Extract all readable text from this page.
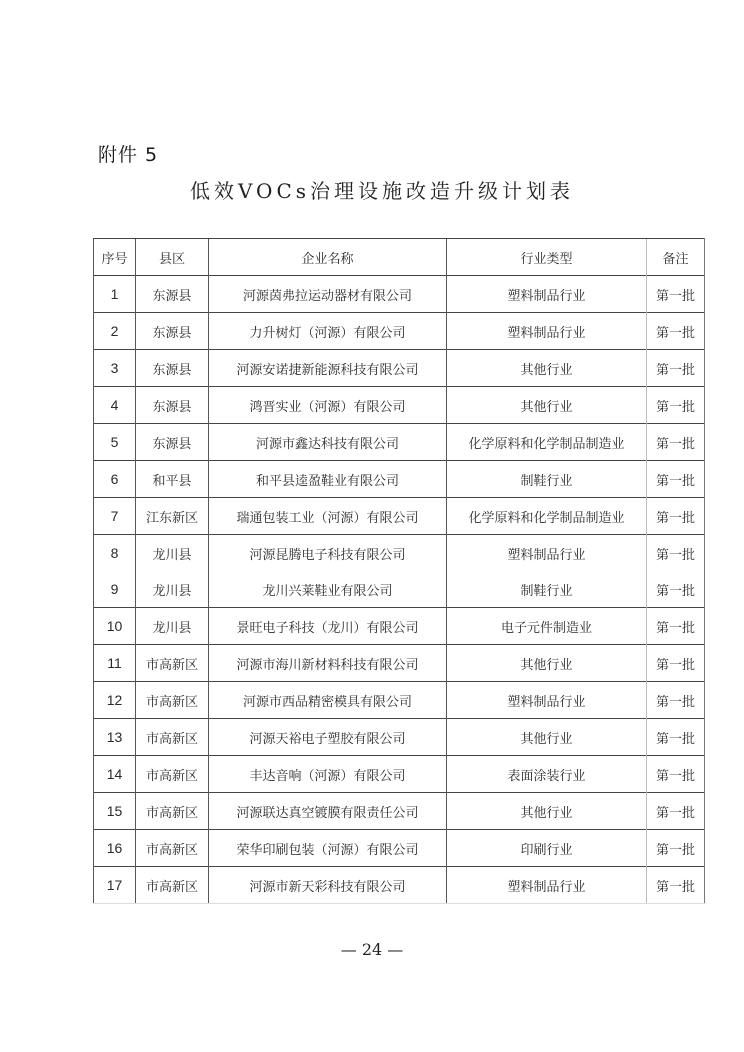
附件 5
低效VOCs治理设施改造升级计划表
序号	县区	企业名称	行业类型	备注
1	东源县	河源茵弗拉运动器材有限公司	塑料制品行业	第一批
2	东源县	力升树灯（河源）有限公司	塑料制品行业	第一批
3	东源县	河源安诺捷新能源科技有限公司	其他行业	第一批
4	东源县	鸿晋实业（河源）有限公司	其他行业	第一批
5	东源县	河源市鑫达科技有限公司	化学原料和化学制品制造业	第一批
6	和平县	和平县逵盈鞋业有限公司	制鞋行业	第一批
7	江东新区	瑞通包装工业（河源）有限公司	化学原料和化学制品制造业	第一批
8	龙川县	河源昆腾电子科技有限公司	塑料制品行业	第一批
9	龙川县	龙川兴莱鞋业有限公司	制鞋行业	第一批
10	龙川县	景旺电子科技（龙川）有限公司	电子元件制造业	第一批
11	市高新区	河源市海川新材料科技有限公司	其他行业	第一批
12	市高新区	河源市西品精密模具有限公司	塑料制品行业	第一批
13	市高新区	河源天裕电子塑胶有限公司	其他行业	第一批
14	市高新区	丰达音响（河源）有限公司	表面涂装行业	第一批
15	市高新区	河源联达真空镀膜有限责任公司	其他行业	第一批
16	市高新区	荣华印刷包装（河源）有限公司	印刷行业	第一批
17	市高新区	河源市新天彩科技有限公司	塑料制品行业	第一批
— 24 —
